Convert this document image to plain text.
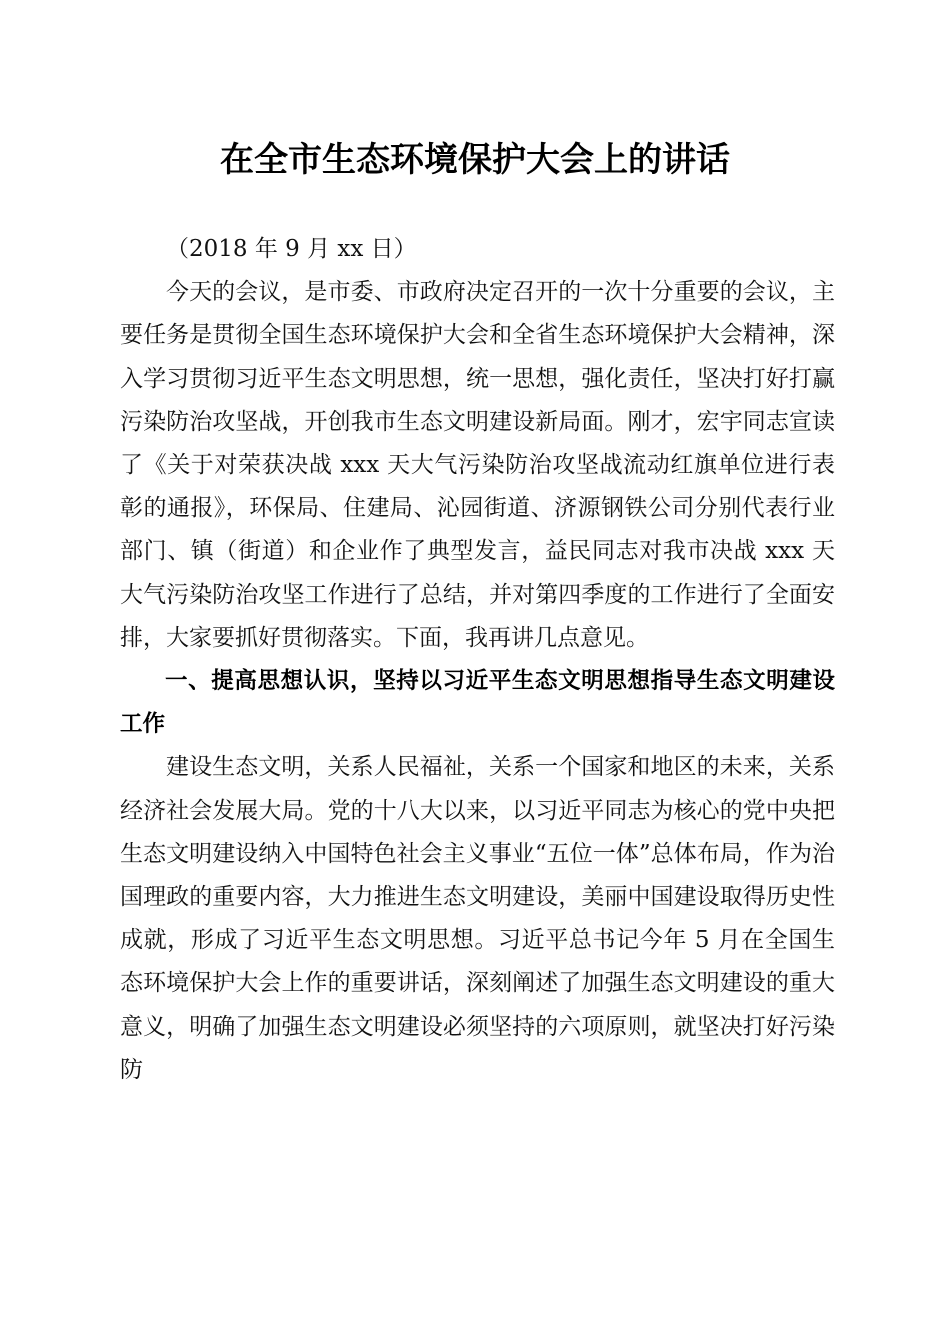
在全市生态环境保护大会上的讲话

（2018 年 9 月 xx 日）

今天的会议，是市委、市政府决定召开的一次十分重要的会议，主要任务是贯彻全国生态环境保护大会和全省生态环境保护大会精神，深入学习贯彻习近平生态文明思想，统一思想，强化责任，坚决打好打赢污染防治攻坚战，开创我市生态文明建设新局面。刚才，宏宇同志宣读了《关于对荣获决战 xxx 天大气污染防治攻坚战流动红旗单位进行表彰的通报》，环保局、住建局、沁园街道、济源钢铁公司分别代表行业部门、镇（街道）和企业作了典型发言，益民同志对我市决战 xxx 天大气污染防治攻坚工作进行了总结，并对第四季度的工作进行了全面安排，大家要抓好贯彻落实。下面，我再讲几点意见。

一、提高思想认识，坚持以习近平生态文明思想指导生态文明建设工作

建设生态文明，关系人民福祉，关系一个国家和地区的未来，关系经济社会发展大局。党的十八大以来，以习近平同志为核心的党中央把生态文明建设纳入中国特色社会主义事业“五位一体”总体布局，作为治国理政的重要内容，大力推进生态文明建设，美丽中国建设取得历史性成就，形成了习近平生态文明思想。习近平总书记今年 5 月在全国生态环境保护大会上作的重要讲话，深刻阐述了加强生态文明建设的重大意义，明确了加强生态文明建设必须坚持的六项原则，就坚决打好污染防
